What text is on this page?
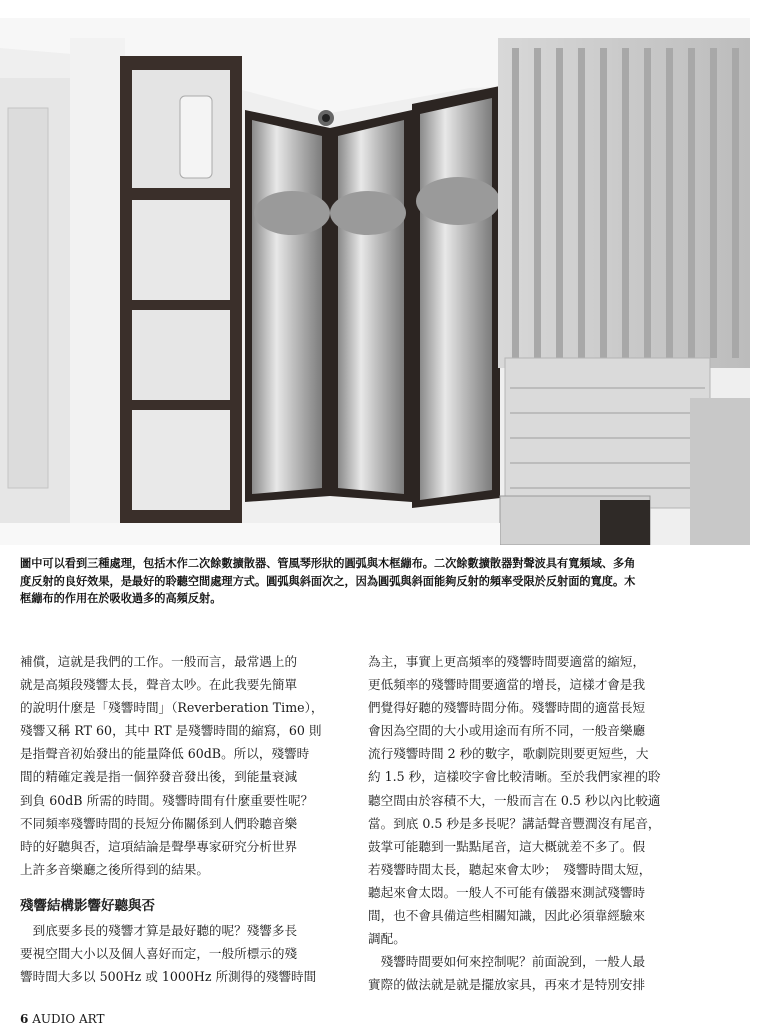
圖中可以看到三種處理，包括木作二次餘數擴散器、管風琴形狀的圓弧與木框繃布。二次餘數擴散器對聲波具有寬頻域、多角

度反射的良好效果，是最好的聆聽空間處理方式。圓弧與斜面次之，因為圓弧與斜面能夠反射的頻率受限於反射面的寬度。木

框繃布的作用在於吸收過多的高頻反射。

補償，這就是我們的工作。一般而言，最常遇上的

就是高頻段殘響太長，聲音太吵。在此我要先簡單

的說明什麼是「殘響時間」（Reverberation Time），

殘響又稱 RT 60，其中 RT 是殘響時間的縮寫，60 則

是指聲音初始發出的能量降低 60dB。所以，殘響時

間的精確定義是指一個猝發音發出後，到能量衰減

到負 60dB 所需的時間。殘響時間有什麼重要性呢？

不同頻率殘響時間的長短分佈關係到人們聆聽音樂

時的好聽與否，這項結論是聲學專家研究分析世界

上許多音樂廳之後所得到的結果。

殘響結構影響好聽與否

　到底要多長的殘響才算是最好聽的呢？殘響多長

要視空間大小以及個人喜好而定，一般所標示的殘

響時間大多以 500Hz 或 1000Hz 所測得的殘響時間

為主，事實上更高頻率的殘響時間要適當的縮短，

更低頻率的殘響時間要適當的增長，這樣才會是我

們覺得好聽的殘響時間分佈。殘響時間的適當長短

會因為空間的大小或用途而有所不同，一般音樂廳

流行殘響時間 2 秒的數字，歌劇院則要更短些，大

約 1.5 秒，這樣咬字會比較清晰。至於我們家裡的聆

聽空間由於容積不大，一般而言在 0.5 秒以內比較適

當。到底 0.5 秒是多長呢？講話聲音豐潤沒有尾音，

鼓掌可能聽到一點點尾音，這大概就差不多了。假

若殘響時間太長，聽起來會太吵；　殘響時間太短，

聽起來會太悶。一般人不可能有儀器來測試殘響時

間，也不會具備這些相關知識，因此必須靠經驗來

調配。

　殘響時間要如何來控制呢？前面說到，一般人最

實際的做法就是就是擺放家具，再來才是特別安排

6 AUDIO ART
